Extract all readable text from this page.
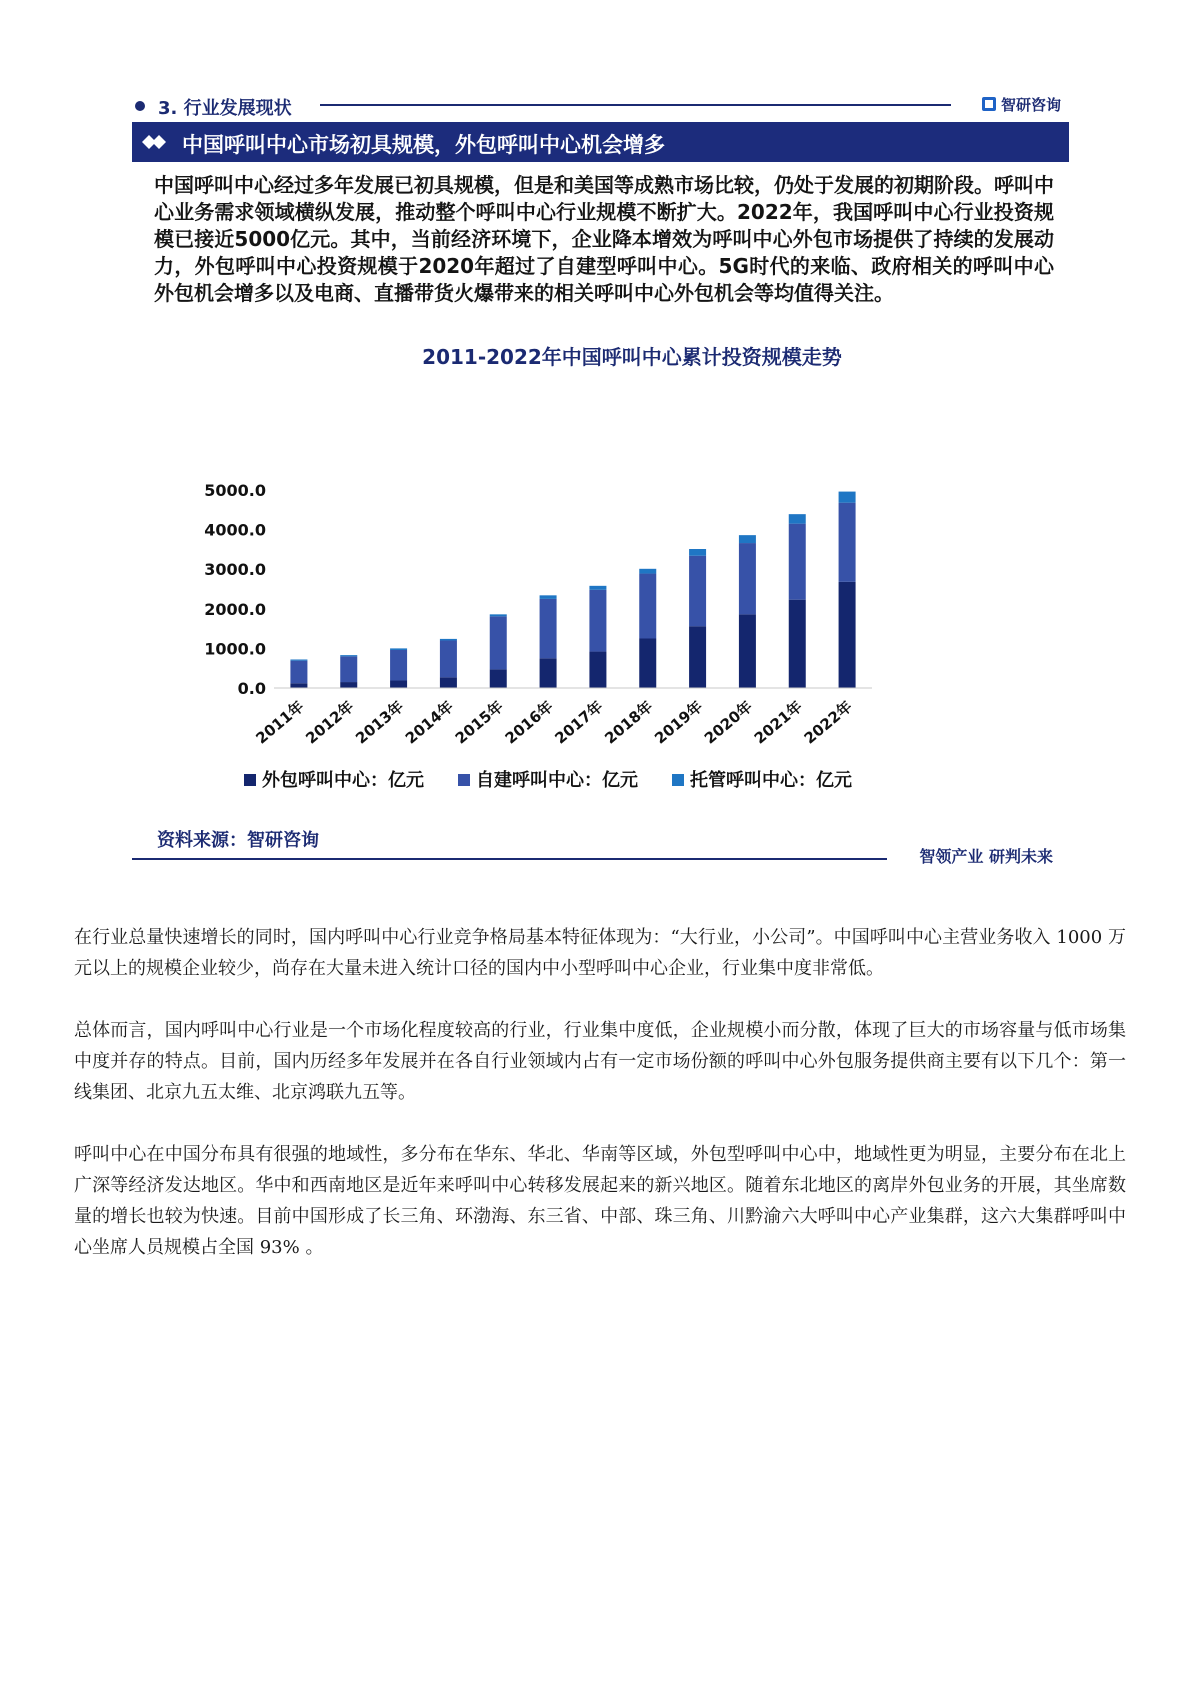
3. 行业发展现状	智研咨询
中国呼叫中心市场初具规模，外包呼叫中心机会增多

中国呼叫中心经过多年发展已初具规模，但是和美国等成熟市场比较，仍处于发展的初期阶段。呼叫中心业务需求领域横纵发展，推动整个呼叫中心行业规模不断扩大。2022年，我国呼叫中心行业投资规模已接近5000亿元。其中，当前经济环境下，企业降本增效为呼叫中心外包市场提供了持续的发展动力，外包呼叫中心投资规模于2020年超过了自建型呼叫中心。5G时代的来临、政府相关的呼叫中心外包机会增多以及电商、直播带货火爆带来的相关呼叫中心外包机会等均值得关注。

2011-2022年中国呼叫中心累计投资规模走势
0.0
1000.0
2000.0
3000.0
4000.0
5000.0
2011年
2012年
2013年
2014年
2015年
2016年
2017年
2018年
2019年
2020年
2021年
2022年
外包呼叫中心：亿元	自建呼叫中心：亿元	托管呼叫中心：亿元
资料来源：智研咨询
智领产业 研判未来

在行业总量快速增长的同时，国内呼叫中心行业竞争格局基本特征体现为：“大行业，小公司”。中国呼叫中心主营业务收入 1000 万元以上的规模企业较少，尚存在大量未进入统计口径的国内中小型呼叫中心企业，行业集中度非常低。

总体而言，国内呼叫中心行业是一个市场化程度较高的行业，行业集中度低，企业规模小而分散，体现了巨大的市场容量与低市场集中度并存的特点。目前，国内历经多年发展并在各自行业领域内占有一定市场份额的呼叫中心外包服务提供商主要有以下几个：第一线集团、北京九五太维、北京鸿联九五等。

呼叫中心在中国分布具有很强的地域性，多分布在华东、华北、华南等区域，外包型呼叫中心中，地域性更为明显，主要分布在北上广深等经济发达地区。华中和西南地区是近年来呼叫中心转移发展起来的新兴地区。随着东北地区的离岸外包业务的开展，其坐席数量的增长也较为快速。目前中国形成了长三角、环渤海、东三省、中部、珠三角、川黔渝六大呼叫中心产业集群，这六大集群呼叫中心坐席人员规模占全国 93% 。
